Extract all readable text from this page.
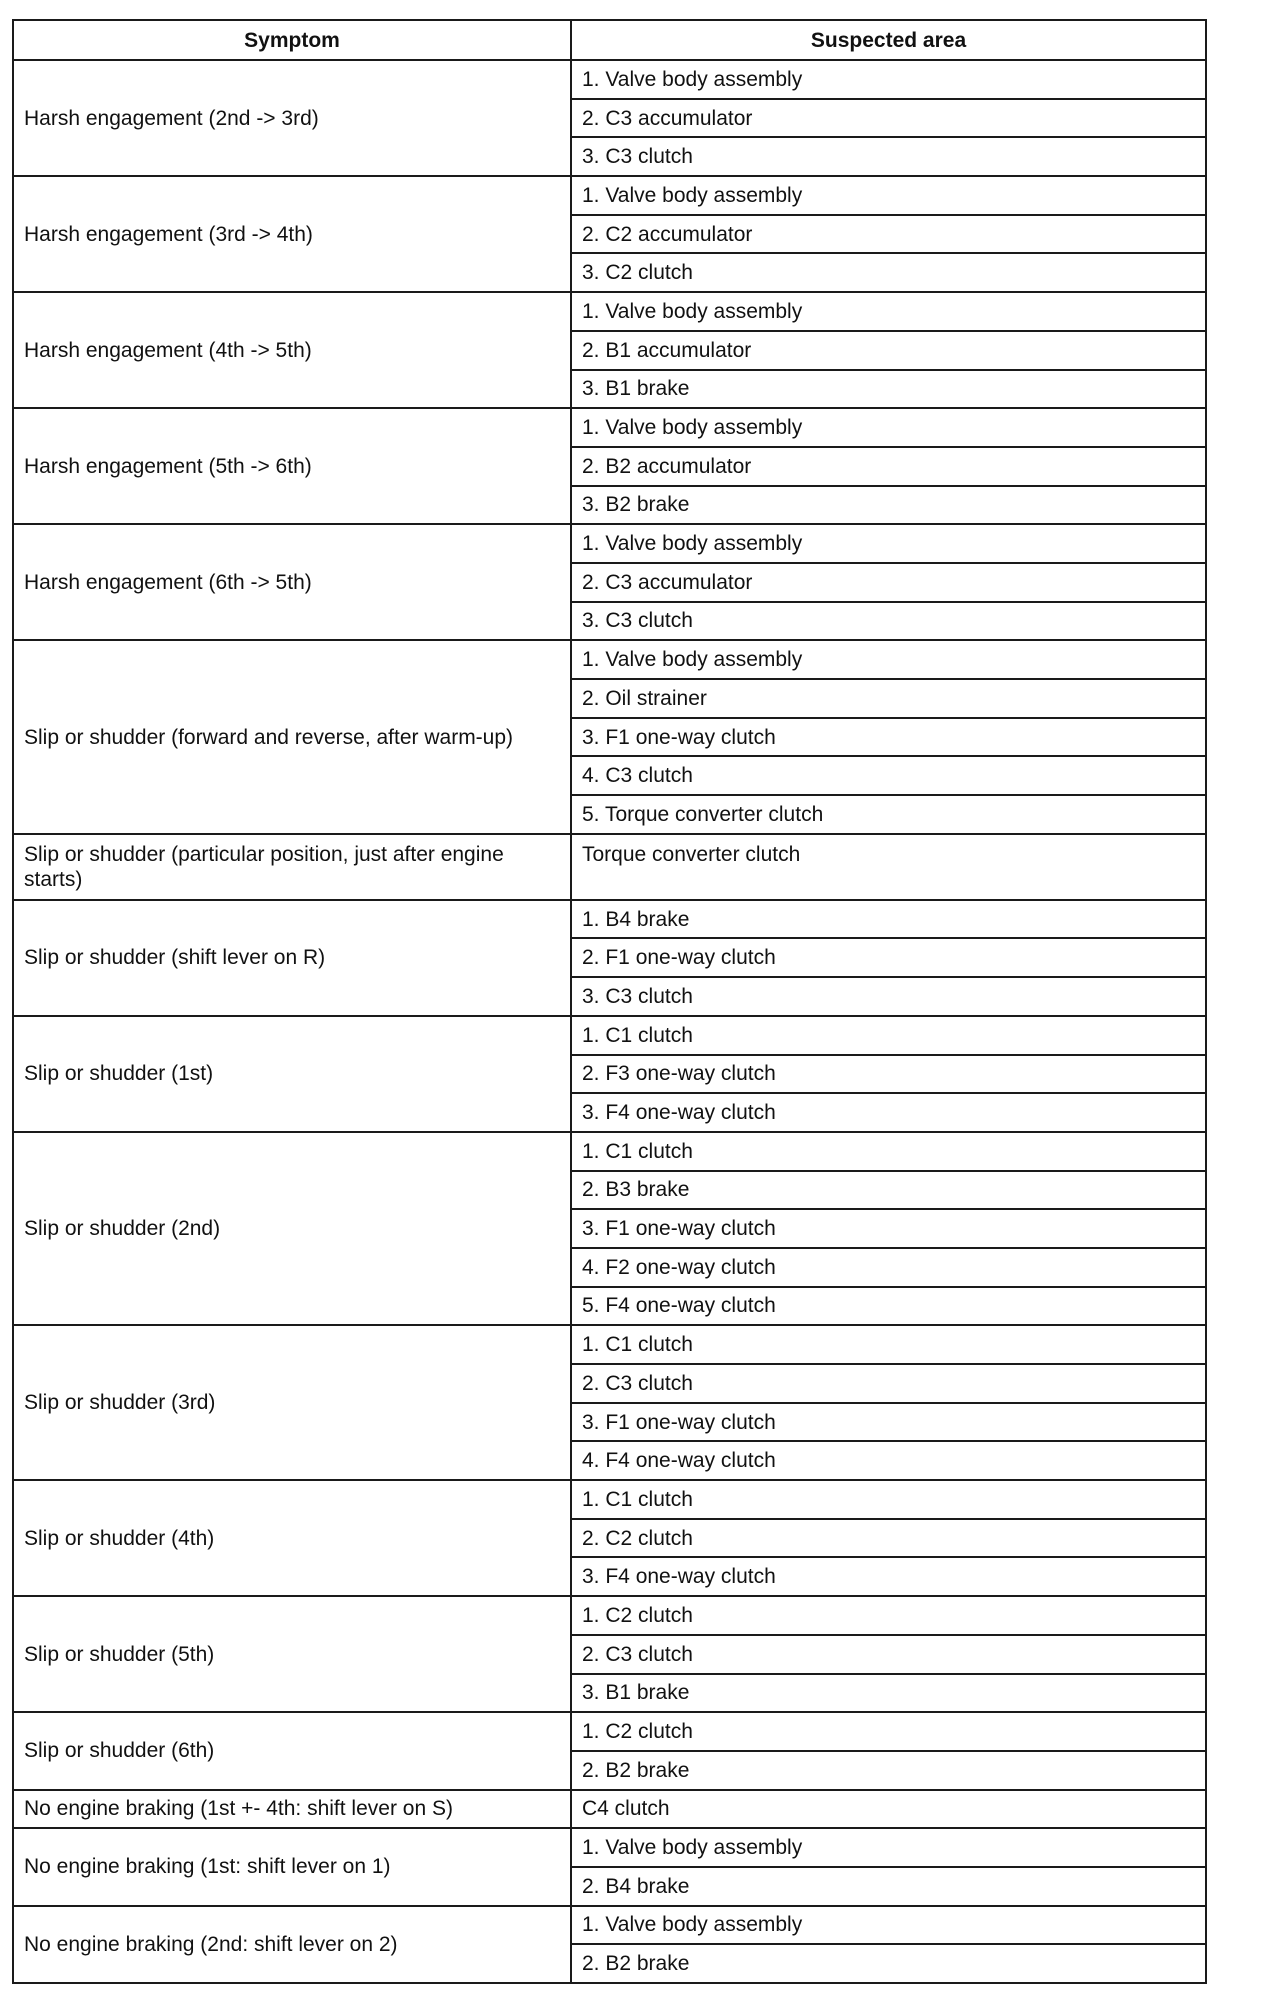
Symptom	Suspected area
Harsh engagement (2nd -> 3rd)	1. Valve body assembly
	2. C3 accumulator
	3. C3 clutch
Harsh engagement (3rd -> 4th)	1. Valve body assembly
	2. C2 accumulator
	3. C2 clutch
Harsh engagement (4th -> 5th)	1. Valve body assembly
	2. B1 accumulator
	3. B1 brake
Harsh engagement (5th -> 6th)	1. Valve body assembly
	2. B2 accumulator
	3. B2 brake
Harsh engagement (6th -> 5th)	1. Valve body assembly
	2. C3 accumulator
	3. C3 clutch
Slip or shudder (forward and reverse, after warm-up)	1. Valve body assembly
	2. Oil strainer
	3. F1 one-way clutch
	4. C3 clutch
	5. Torque converter clutch
Slip or shudder (particular position, just after engine starts)	Torque converter clutch
Slip or shudder (shift lever on R)	1. B4 brake
	2. F1 one-way clutch
	3. C3 clutch
Slip or shudder (1st)	1. C1 clutch
	2. F3 one-way clutch
	3. F4 one-way clutch
Slip or shudder (2nd)	1. C1 clutch
	2. B3 brake
	3. F1 one-way clutch
	4. F2 one-way clutch
	5. F4 one-way clutch
Slip or shudder (3rd)	1. C1 clutch
	2. C3 clutch
	3. F1 one-way clutch
	4. F4 one-way clutch
Slip or shudder (4th)	1. C1 clutch
	2. C2 clutch
	3. F4 one-way clutch
Slip or shudder (5th)	1. C2 clutch
	2. C3 clutch
	3. B1 brake
Slip or shudder (6th)	1. C2 clutch
	2. B2 brake
No engine braking (1st +- 4th: shift lever on S)	C4 clutch
No engine braking (1st: shift lever on 1)	1. Valve body assembly
	2. B4 brake
No engine braking (2nd: shift lever on 2)	1. Valve body assembly
	2. B2 brake
